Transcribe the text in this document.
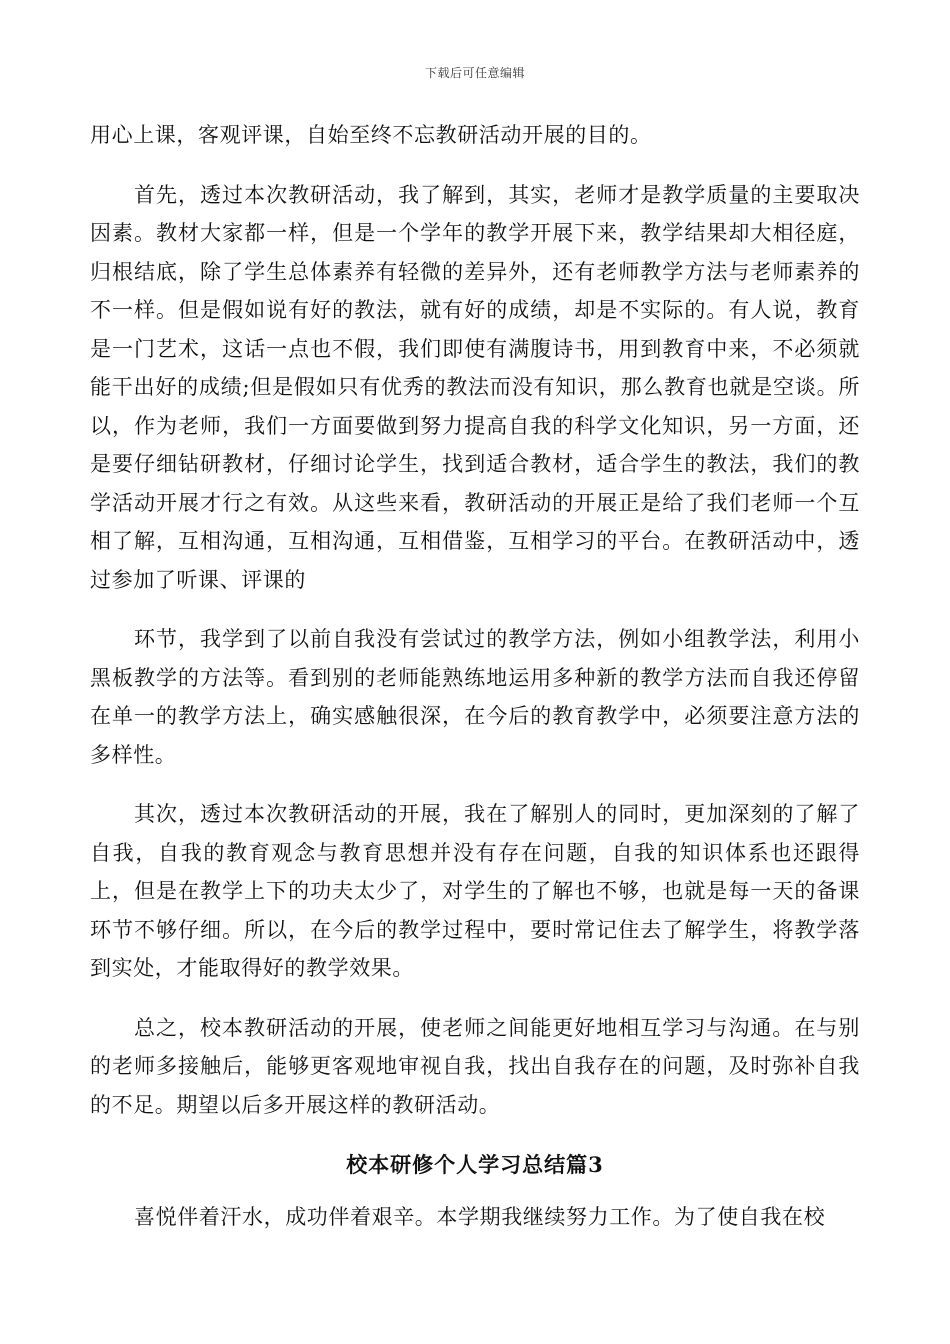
下载后可任意编辑

用心上课，客观评课，自始至终不忘教研活动开展的目的。

首先，透过本次教研活动，我了解到，其实，老师才是教学质量的主要取决因素。教材大家都一样，但是一个学年的教学开展下来，教学结果却大相径庭，归根结底，除了学生总体素养有轻微的差异外，还有老师教学方法与老师素养的不一样。但是假如说有好的教法，就有好的成绩，却是不实际的。有人说，教育是一门艺术，这话一点也不假，我们即使有满腹诗书，用到教育中来，不必须就能干出好的成绩;但是假如只有优秀的教法而没有知识，那么教育也就是空谈。所以，作为老师，我们一方面要做到努力提高自我的科学文化知识，另一方面，还是要仔细钻研教材，仔细讨论学生，找到适合教材，适合学生的教法，我们的教学活动开展才行之有效。从这些来看，教研活动的开展正是给了我们老师一个互相了解，互相沟通，互相沟通，互相借鉴，互相学习的平台。在教研活动中，透过参加了听课、评课的

环节，我学到了以前自我没有尝试过的教学方法，例如小组教学法，利用小黑板教学的方法等。看到别的老师能熟练地运用多种新的教学方法而自我还停留在单一的教学方法上，确实感触很深，在今后的教育教学中，必须要注意方法的多样性。

其次，透过本次教研活动的开展，我在了解别人的同时，更加深刻的了解了自我，自我的教育观念与教育思想并没有存在问题，自我的知识体系也还跟得上，但是在教学上下的功夫太少了，对学生的了解也不够，也就是每一天的备课环节不够仔细。所以，在今后的教学过程中，要时常记住去了解学生，将教学落到实处，才能取得好的教学效果。

总之，校本教研活动的开展，使老师之间能更好地相互学习与沟通。在与别的老师多接触后，能够更客观地审视自我，找出自我存在的问题，及时弥补自我的不足。期望以后多开展这样的教研活动。

校本研修个人学习总结篇3

喜悦伴着汗水，成功伴着艰辛。本学期我继续努力工作。为了使自我在校
